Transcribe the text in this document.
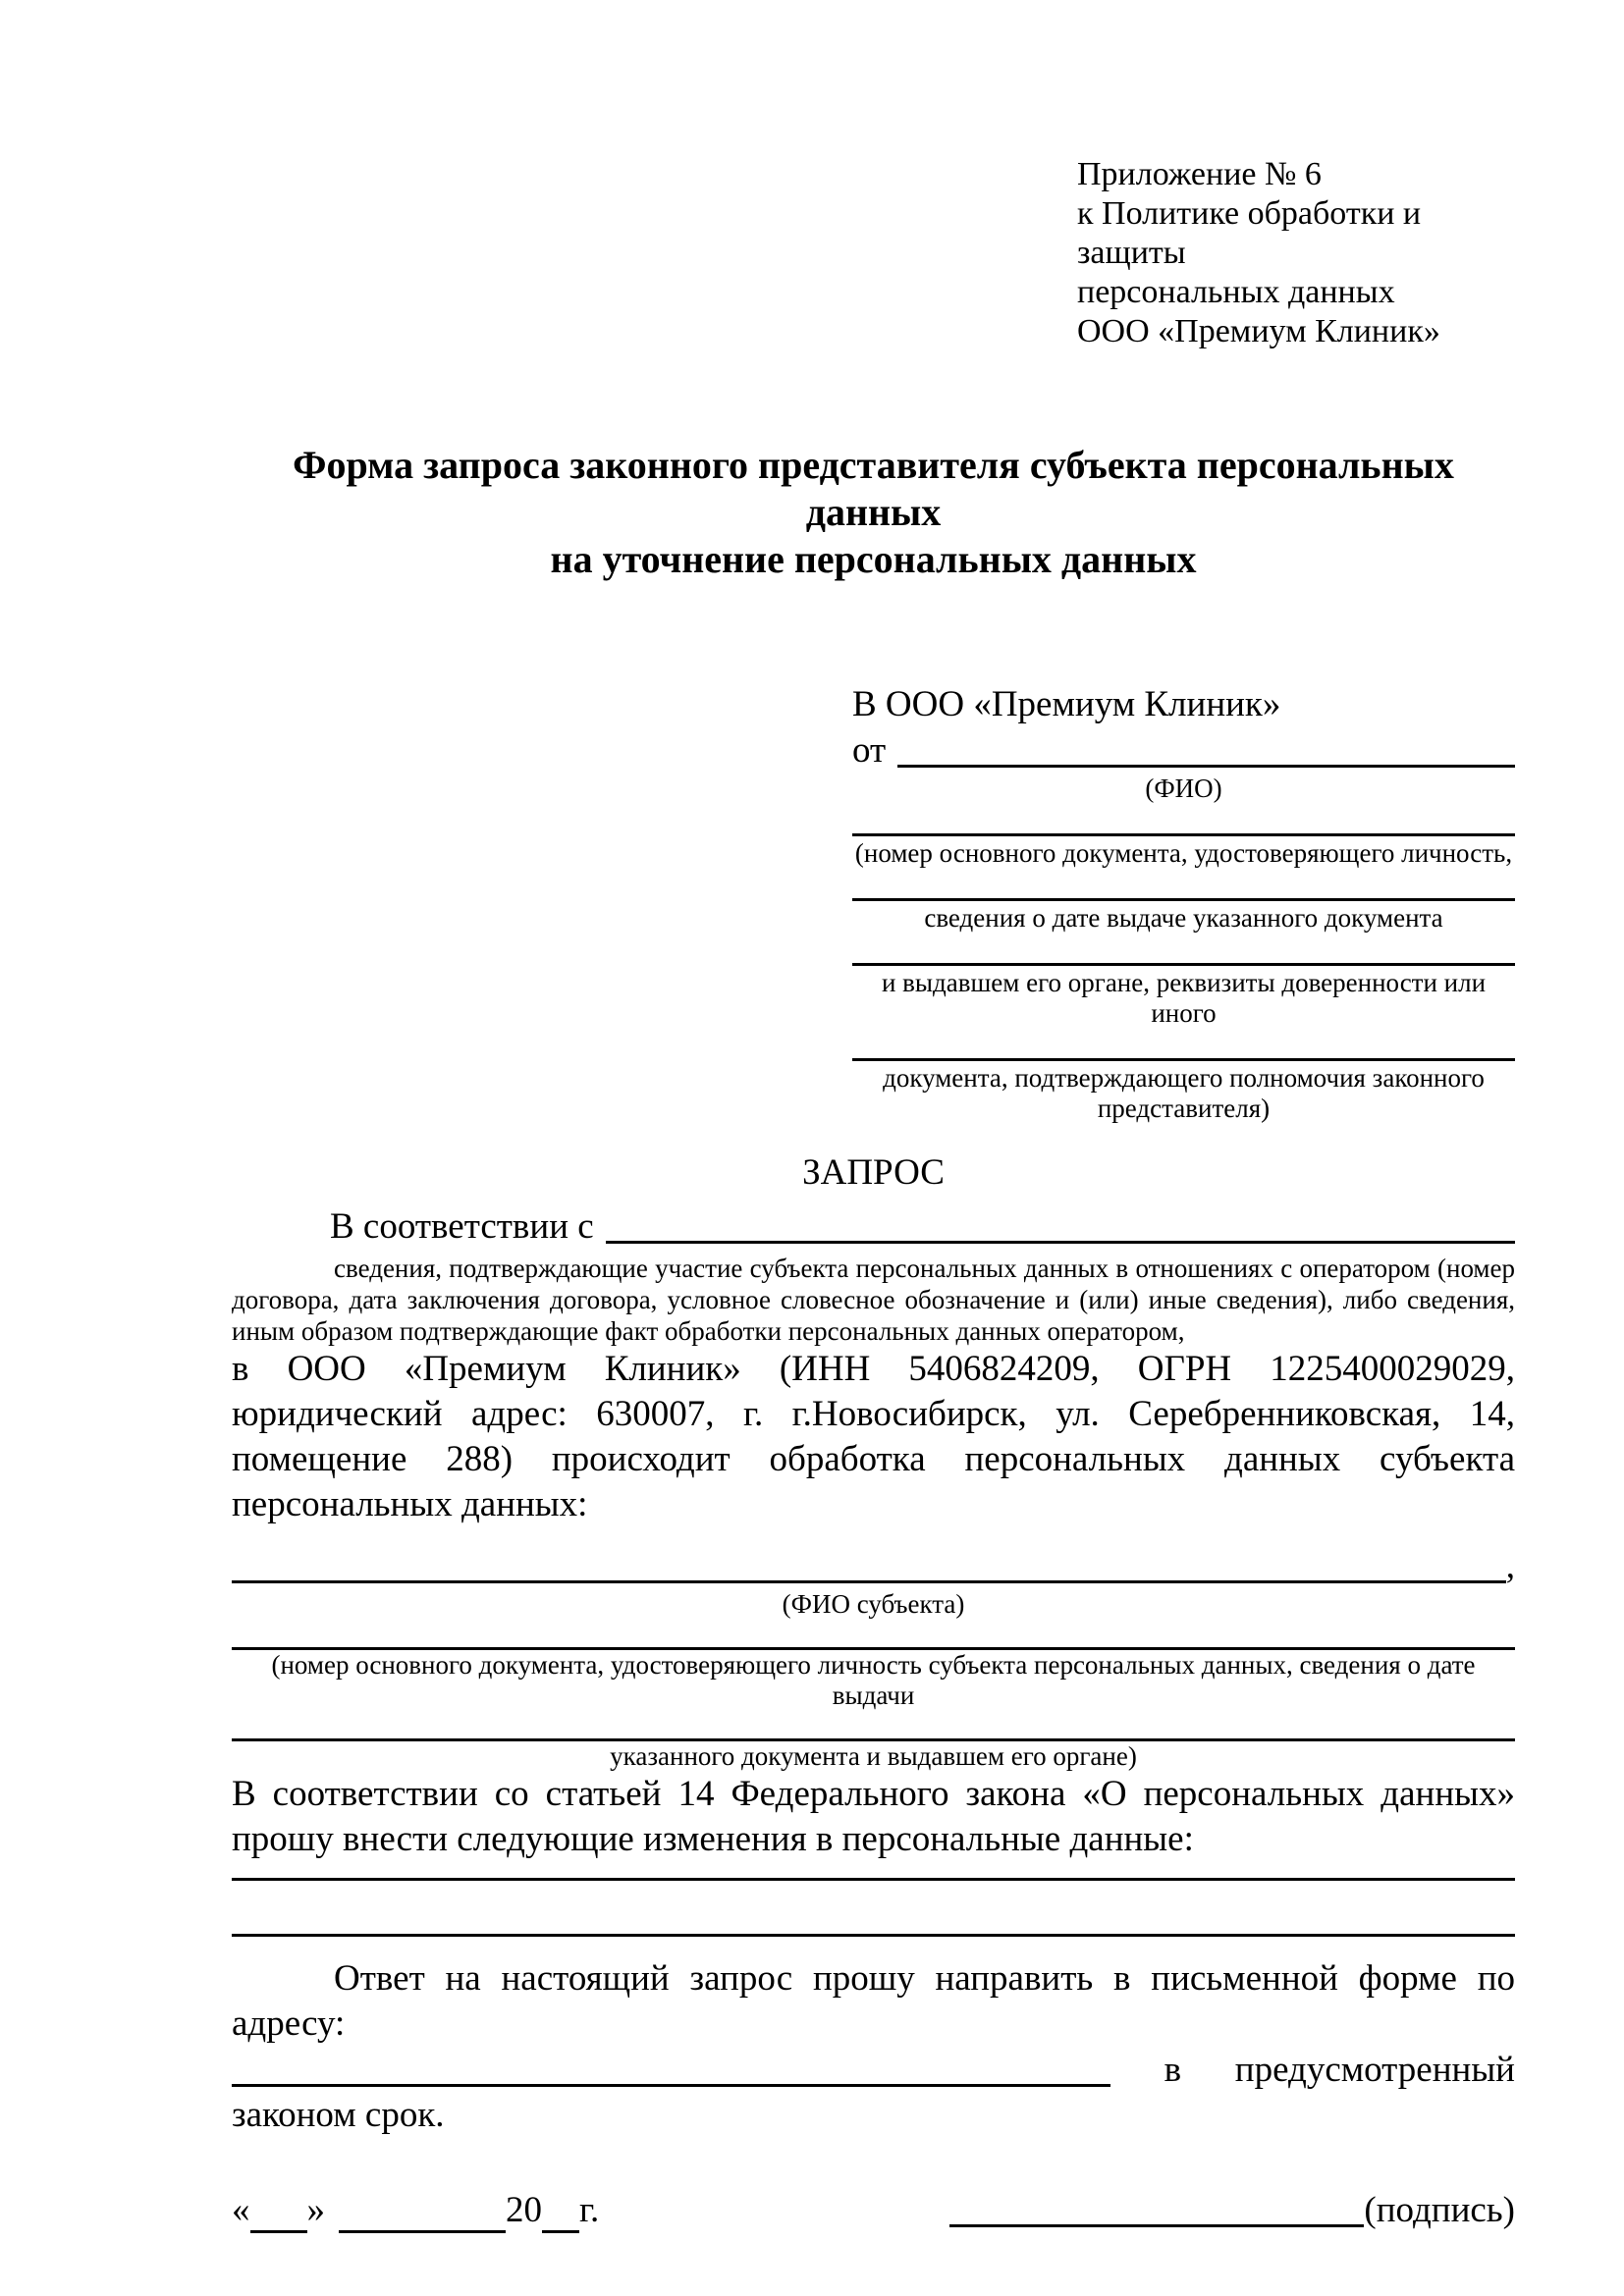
Приложение № 6
к Политике обработки и защиты
персональных данных
ООО «Премиум Клиник»
Форма запроса законного представителя субъекта персональных данных
на уточнение персональных данных
В ООО «Премиум Клиник»
от
(ФИО)
(номер основного документа, удостоверяющего личность,
сведения о дате выдаче указанного документа
и выдавшем его органе, реквизиты доверенности или иного
документа, подтверждающего полномочия законного представителя)
ЗАПРОС
В соответствии с
сведения, подтверждающие участие субъекта персональных данных в отношениях с оператором (номер договора, дата заключения договора, условное словесное обозначение и (или) иные сведения), либо сведения, иным образом подтверждающие факт обработки персональных данных оператором,
в ООО «Премиум Клиник» (ИНН 5406824209, ОГРН 1225400029029, юридический адрес: 630007, г. г.Новосибирск, ул. Серебренниковская, 14, помещение 288) происходит обработка персональных данных субъекта персональных данных:
,
(ФИО субъекта)
(номер основного документа, удостоверяющего личность субъекта персональных данных, сведения о дате выдачи
указанного документа и выдавшем его органе)
В соответствии со статьей 14 Федерального закона «О персональных данных» прошу внести следующие изменения в персональные данные:
Ответ на настоящий запрос прошу направить в письменной форме по адресу:
в предусмотренный
законом срок.
« »	20 г.	(подпись)
